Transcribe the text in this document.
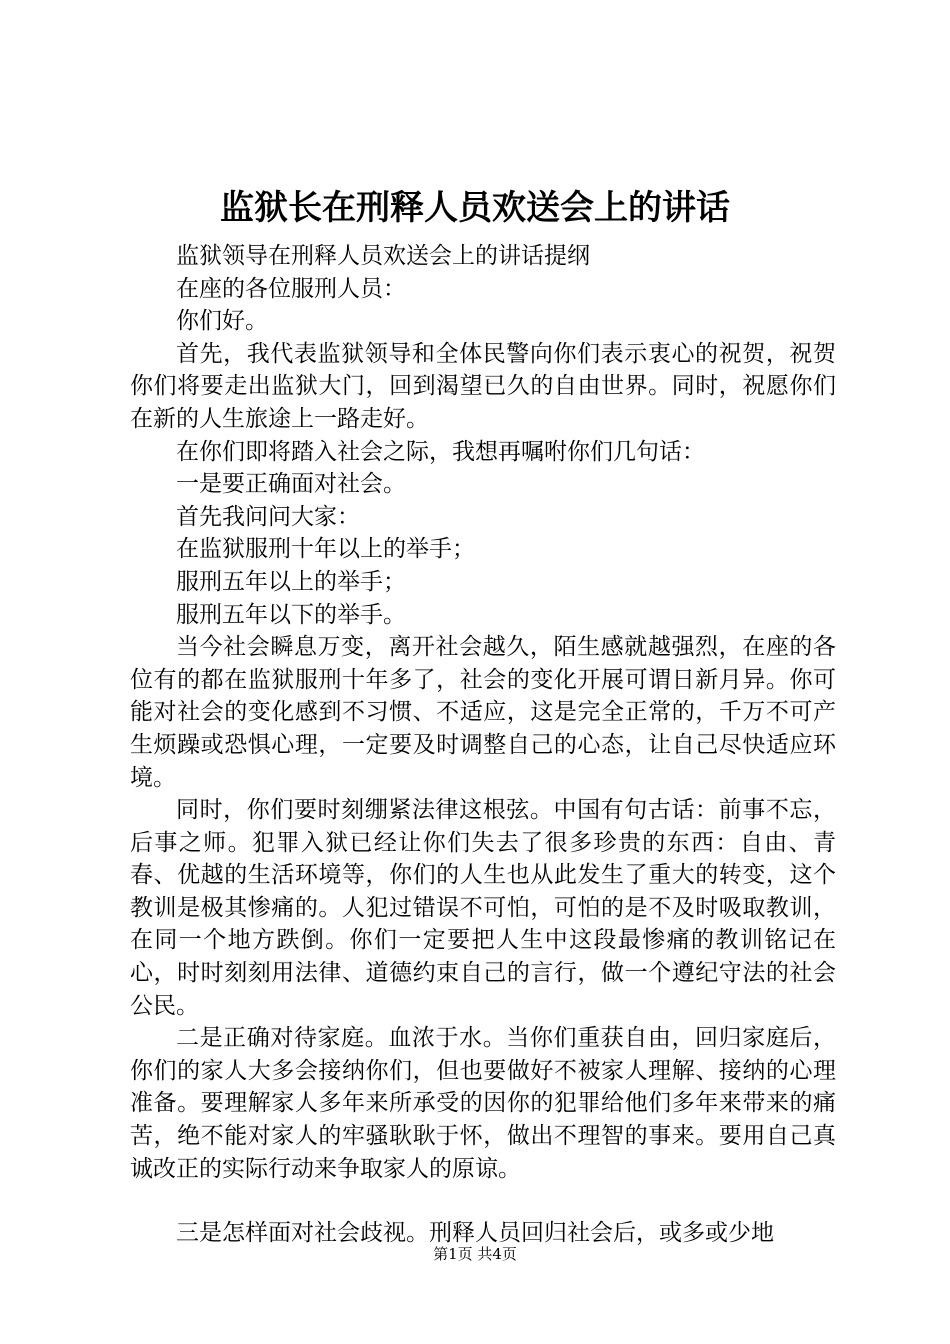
监狱长在刑释人员欢送会上的讲话

监狱领导在刑释人员欢送会上的讲话提纲

在座的各位服刑人员：

你们好。

首先，我代表监狱领导和全体民警向你们表示衷心的祝贺，祝贺你们将要走出监狱大门，回到渴望已久的自由世界。同时，祝愿你们在新的人生旅途上一路走好。

在你们即将踏入社会之际，我想再嘱咐你们几句话：

一是要正确面对社会。

首先我问问大家：

在监狱服刑十年以上的举手；

服刑五年以上的举手；

服刑五年以下的举手。

当今社会瞬息万变，离开社会越久，陌生感就越强烈，在座的各位有的都在监狱服刑十年多了，社会的变化开展可谓日新月异。你可能对社会的变化感到不习惯、不适应，这是完全正常的，千万不可产生烦躁或恐惧心理，一定要及时调整自己的心态，让自己尽快适应环境。

同时，你们要时刻绷紧法律这根弦。中国有句古话：前事不忘，后事之师。犯罪入狱已经让你们失去了很多珍贵的东西：自由、青春、优越的生活环境等，你们的人生也从此发生了重大的转变，这个教训是极其惨痛的。人犯过错误不可怕，可怕的是不及时吸取教训，在同一个地方跌倒。你们一定要把人生中这段最惨痛的教训铭记在心，时时刻刻用法律、道德约束自己的言行，做一个遵纪守法的社会公民。

二是正确对待家庭。血浓于水。当你们重获自由，回归家庭后，你们的家人大多会接纳你们，但也要做好不被家人理解、接纳的心理准备。要理解家人多年来所承受的因你的犯罪给他们多年来带来的痛苦，绝不能对家人的牢骚耿耿于怀，做出不理智的事来。要用自己真诚改正的实际行动来争取家人的原谅。

三是怎样面对社会歧视。刑释人员回归社会后，或多或少地

第1页 共4页
